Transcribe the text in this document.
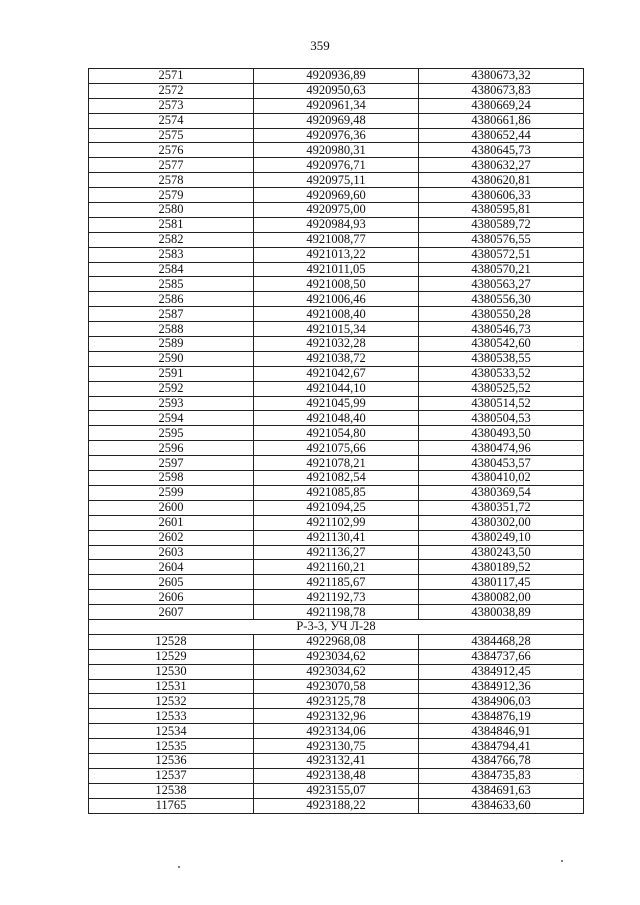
359
2571	4920936,89	4380673,32
2572	4920950,63	4380673,83
2573	4920961,34	4380669,24
2574	4920969,48	4380661,86
2575	4920976,36	4380652,44
2576	4920980,31	4380645,73
2577	4920976,71	4380632,27
2578	4920975,11	4380620,81
2579	4920969,60	4380606,33
2580	4920975,00	4380595,81
2581	4920984,93	4380589,72
2582	4921008,77	4380576,55
2583	4921013,22	4380572,51
2584	4921011,05	4380570,21
2585	4921008,50	4380563,27
2586	4921006,46	4380556,30
2587	4921008,40	4380550,28
2588	4921015,34	4380546,73
2589	4921032,28	4380542,60
2590	4921038,72	4380538,55
2591	4921042,67	4380533,52
2592	4921044,10	4380525,52
2593	4921045,99	4380514,52
2594	4921048,40	4380504,53
2595	4921054,80	4380493,50
2596	4921075,66	4380474,96
2597	4921078,21	4380453,57
2598	4921082,54	4380410,02
2599	4921085,85	4380369,54
2600	4921094,25	4380351,72
2601	4921102,99	4380302,00
2602	4921130,41	4380249,10
2603	4921136,27	4380243,50
2604	4921160,21	4380189,52
2605	4921185,67	4380117,45
2606	4921192,73	4380082,00
2607	4921198,78	4380038,89
Р-3-3, УЧ Л-28		
12528	4922968,08	4384468,28
12529	4923034,62	4384737,66
12530	4923034,62	4384912,45
12531	4923070,58	4384912,36
12532	4923125,78	4384906,03
12533	4923132,96	4384876,19
12534	4923134,06	4384846,91
12535	4923130,75	4384794,41
12536	4923132,41	4384766,78
12537	4923138,48	4384735,83
12538	4923155,07	4384691,63
11765	4923188,22	4384633,60
